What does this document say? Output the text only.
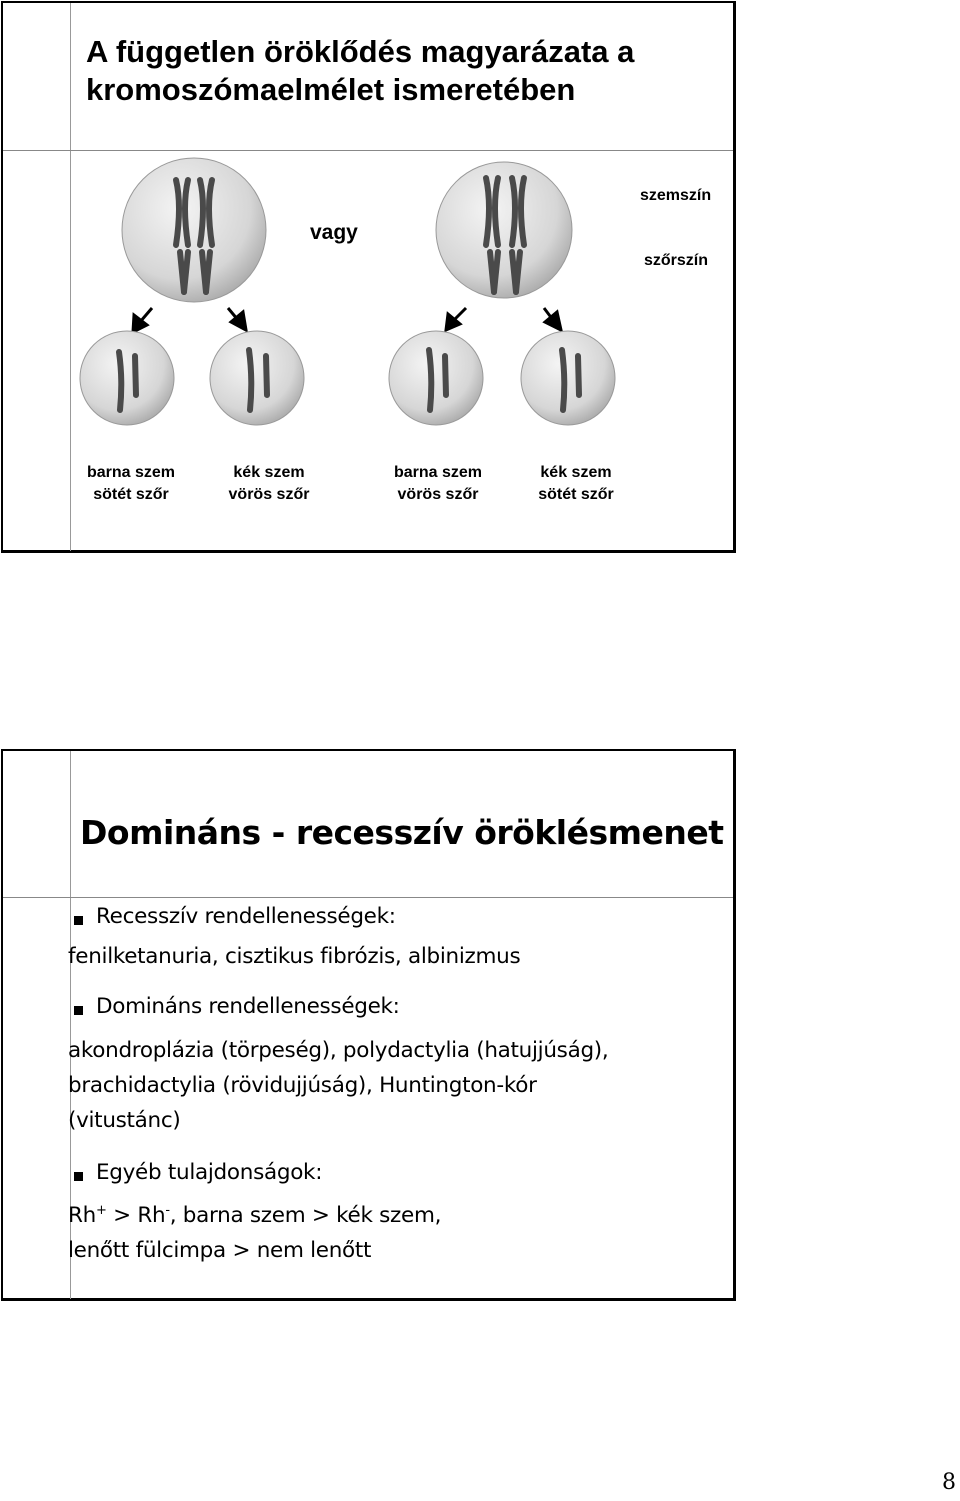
A független öröklődés magyarázata a kromoszómaelmélet ismeretében
vagy
szemszín
szőrszín
barna szem
sötét szőr
kék szem
vörös szőr
barna szem
vörös szőr
kék szem
sötét szőr
Domináns - recesszív öröklésmenet
Recesszív rendellenességek:
fenilketanuria, cisztikus fibrózis, albinizmus
Domináns rendellenességek:
akondroplázia (törpeség), polydactylia (hatujjúság),
brachidactylia (rövidujjúság), Huntington-kór
(vitustánc)
Egyéb tulajdonságok:
Rh+ > Rh-, barna szem > kék szem,
lenőtt fülcimpa > nem lenőtt
8
